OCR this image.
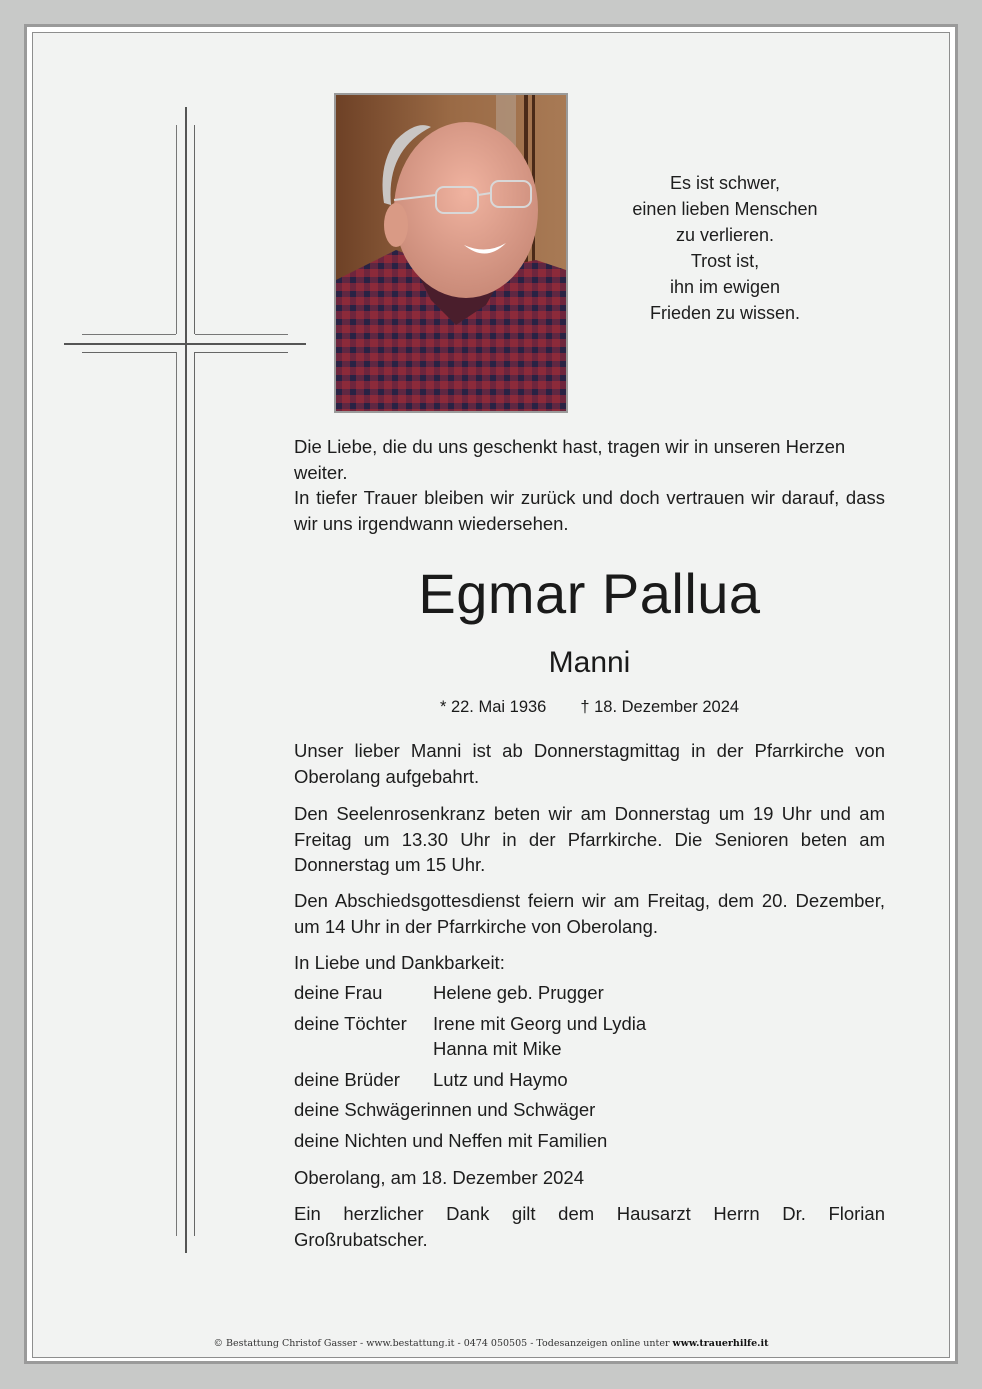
Es ist schwer,
einen lieben Menschen
zu verlieren.
Trost ist,
ihn im ewigen
Frieden zu wissen.
Die Liebe, die du uns geschenkt hast, tragen wir in unseren Herzen weiter.
In tiefer Trauer bleiben wir zurück und doch vertrauen wir darauf, dass wir uns irgendwann wiedersehen.
Egmar Pallua
Manni
* 22. Mai 1936 † 18. Dezember 2024
Unser lieber Manni ist ab Donnerstagmittag in der Pfarrkirche von Oberolang aufgebahrt.
Den Seelenrosenkranz beten wir am Donnerstag um 19 Uhr und am Freitag um 13.30 Uhr in der Pfarrkirche. Die Senioren beten am Donnerstag um 15 Uhr.
Den Abschiedsgottesdienst feiern wir am Freitag, dem 20. Dezember, um 14 Uhr in der Pfarrkirche von Oberolang.
In Liebe und Dankbarkeit:
deine Frau	Helene geb. Prugger
deine Töchter	Irene mit Georg und Lydia
Hanna mit Mike
deine Brüder	Lutz und Haymo
deine Schwägerinnen und Schwäger
deine Nichten und Neffen mit Familien
Oberolang, am 18. Dezember 2024
Ein herzlicher Dank gilt dem Hausarzt Herrn Dr. Florian
Großrubatscher.
© Bestattung Christof Gasser - www.bestattung.it - 0474 050505 - Todesanzeigen online unter www.trauerhilfe.it
